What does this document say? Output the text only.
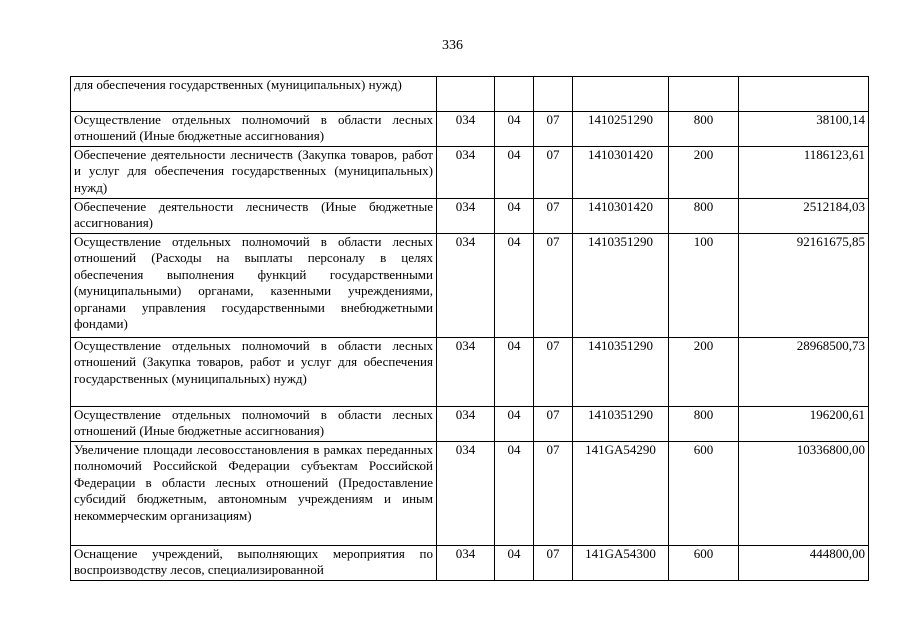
336
для обеспечения государственных (муниципальных) нужд)						
Осуществление отдельных полномочий в области лесных отношений (Иные бюджетные ассигнования)	034	04	07	1410251290	800	38100,14
Обеспечение деятельности лесничеств (Закупка товаров, работ и услуг для обеспечения государственных (муниципальных) нужд)	034	04	07	1410301420	200	1186123,61
Обеспечение деятельности лесничеств (Иные бюджетные ассигнования)	034	04	07	1410301420	800	2512184,03
Осуществление отдельных полномочий в области лесных отношений (Расходы на выплаты персоналу в целях обеспечения выполнения функций государственными (муниципальными) органами, казенными учреждениями, органами управления государственными внебюджетными фондами)	034	04	07	1410351290	100	92161675,85
Осуществление отдельных полномочий в области лесных отношений (Закупка товаров, работ и услуг для обеспечения государственных (муниципальных) нужд)	034	04	07	1410351290	200	28968500,73
Осуществление отдельных полномочий в области лесных отношений (Иные бюджетные ассигнования)	034	04	07	1410351290	800	196200,61
Увеличение площади лесовосстановления в рамках переданных полномочий Российской Федерации субъектам Российской Федерации в области лесных отношений (Предоставление субсидий бюджетным, автономным учреждениям и иным некоммерческим организациям)	034	04	07	141GA54290	600	10336800,00
Оснащение учреждений, выполняющих мероприятия по воспроизводству лесов, специализированной	034	04	07	141GA54300	600	444800,00
